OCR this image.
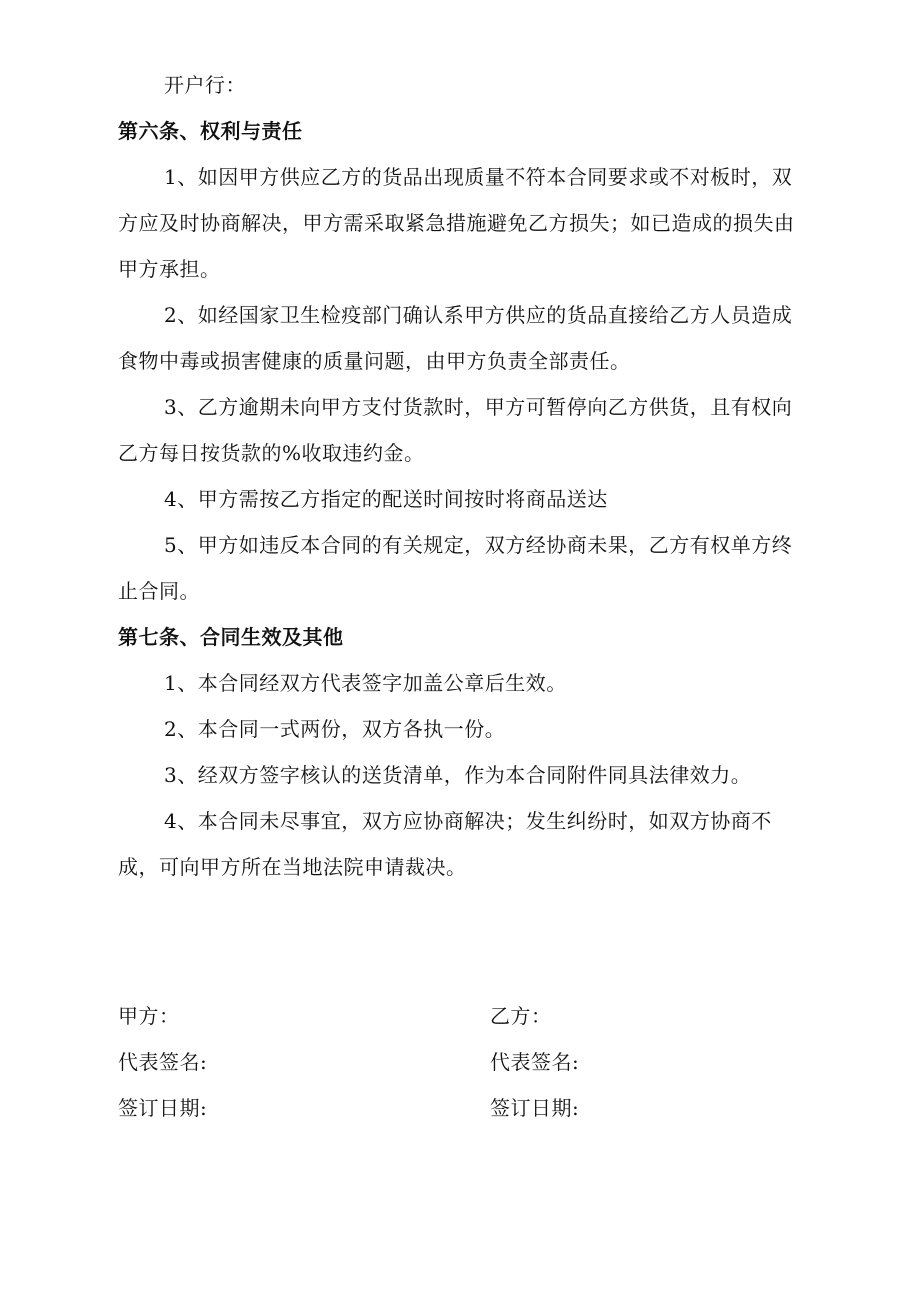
开户行：

第六条、权利与责任

1、如因甲方供应乙方的货品出现质量不符本合同要求或不对板时，双方应及时协商解决，甲方需采取紧急措施避免乙方损失；如已造成的损失由甲方承担。

2、如经国家卫生检疫部门确认系甲方供应的货品直接给乙方人员造成食物中毒或损害健康的质量问题，由甲方负责全部责任。

3、乙方逾期未向甲方支付货款时，甲方可暂停向乙方供货，且有权向乙方每日按货款的%收取违约金。

4、甲方需按乙方指定的配送时间按时将商品送达

5、甲方如违反本合同的有关规定，双方经协商未果，乙方有权单方终止合同。

第七条、合同生效及其他

1、本合同经双方代表签字加盖公章后生效。

2、本合同一式两份，双方各执一份。

3、经双方签字核认的送货清单，作为本合同附件同具法律效力。

4、本合同未尽事宜，双方应协商解决；发生纠纷时，如双方协商不成，可向甲方所在当地法院申请裁决。

甲方：

代表签名:

签订日期:

乙方：

代表签名:

签订日期:
